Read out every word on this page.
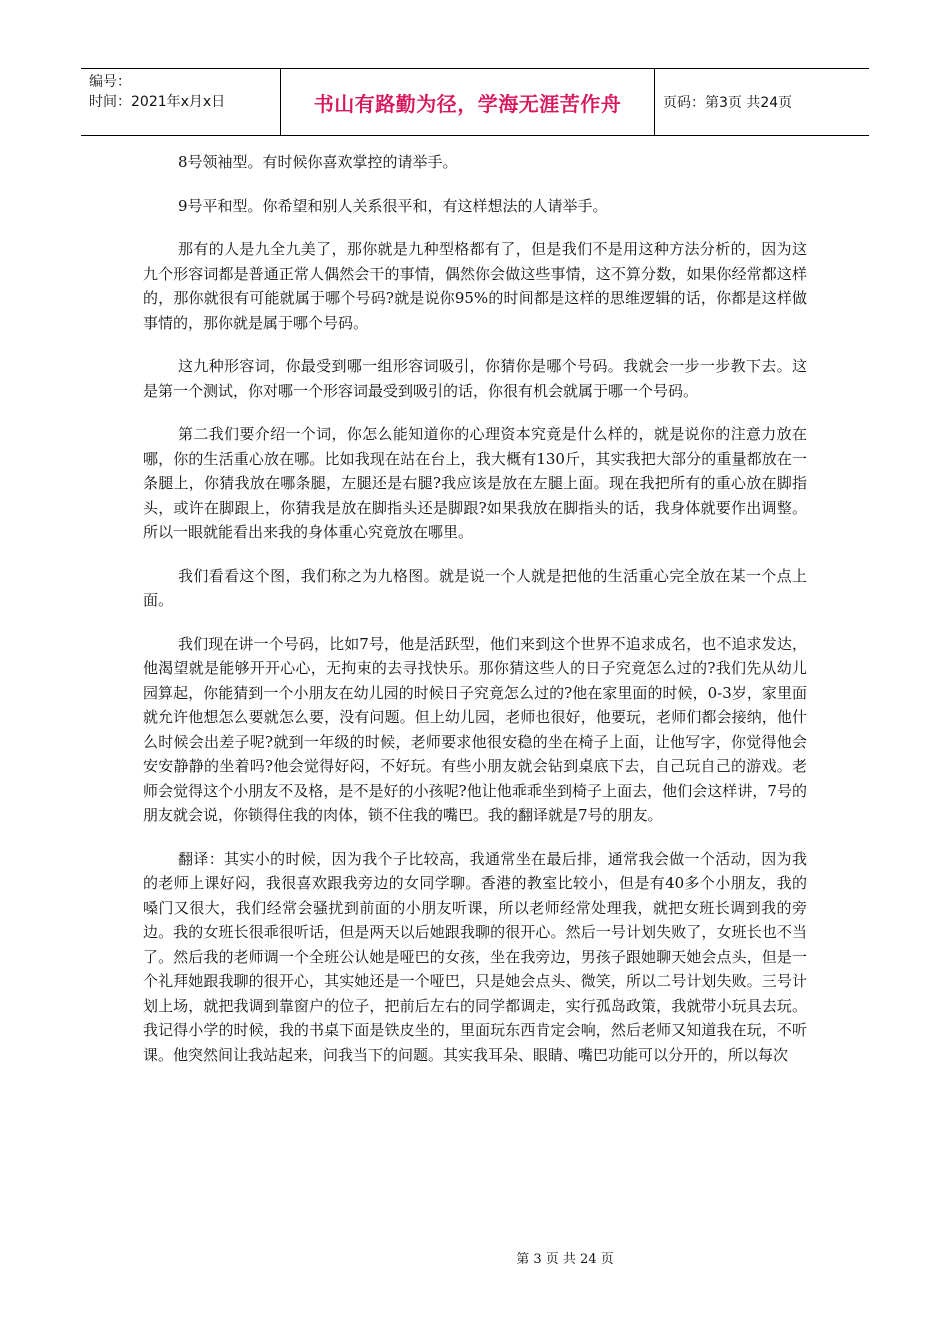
编号：
时间：2021年x月x日	书山有路勤为径，学海无涯苦作舟	页码：第3页 共24页

8号领袖型。有时候你喜欢掌控的请举手。

9号平和型。你希望和别人关系很平和，有这样想法的人请举手。

那有的人是九全九美了，那你就是九种型格都有了，但是我们不是用这种方法分析的，因为这九个形容词都是普通正常人偶然会干的事情，偶然你会做这些事情，这不算分数，如果你经常都这样的，那你就很有可能就属于哪个号码?就是说你95%的时间都是这样的思维逻辑的话，你都是这样做事情的，那你就是属于哪个号码。

这九种形容词，你最受到哪一组形容词吸引，你猜你是哪个号码。我就会一步一步教下去。这是第一个测试，你对哪一个形容词最受到吸引的话，你很有机会就属于哪一个号码。

第二我们要介绍一个词，你怎么能知道你的心理资本究竟是什么样的，就是说你的注意力放在哪，你的生活重心放在哪。比如我现在站在台上，我大概有130斤，其实我把大部分的重量都放在一条腿上，你猜我放在哪条腿，左腿还是右腿?我应该是放在左腿上面。现在我把所有的重心放在脚指头，或许在脚跟上，你猜我是放在脚指头还是脚跟?如果我放在脚指头的话，我身体就要作出调整。所以一眼就能看出来我的身体重心究竟放在哪里。

我们看看这个图，我们称之为九格图。就是说一个人就是把他的生活重心完全放在某一个点上面。

我们现在讲一个号码，比如7号，他是活跃型，他们来到这个世界不追求成名，也不追求发达，他渴望就是能够开开心心，无拘束的去寻找快乐。那你猜这些人的日子究竟怎么过的?我们先从幼儿园算起，你能猜到一个小朋友在幼儿园的时候日子究竟怎么过的?他在家里面的时候，0-3岁，家里面就允许他想怎么要就怎么要，没有问题。但上幼儿园，老师也很好，他要玩，老师们都会接纳，他什么时候会出差子呢?就到一年级的时候，老师要求他很安稳的坐在椅子上面，让他写字，你觉得他会安安静静的坐着吗?他会觉得好闷，不好玩。有些小朋友就会钻到桌底下去，自己玩自己的游戏。老师会觉得这个小朋友不及格，是不是好的小孩呢?他让他乖乖坐到椅子上面去，他们会这样讲，7号的朋友就会说，你锁得住我的肉体，锁不住我的嘴巴。我的翻译就是7号的朋友。

翻译：其实小的时候，因为我个子比较高，我通常坐在最后排，通常我会做一个活动，因为我的老师上课好闷，我很喜欢跟我旁边的女同学聊。香港的教室比较小，但是有40多个小朋友，我的嗓门又很大，我们经常会骚扰到前面的小朋友听课，所以老师经常处理我，就把女班长调到我的旁边。我的女班长很乖很听话，但是两天以后她跟我聊的很开心。然后一号计划失败了，女班长也不当了。然后我的老师调一个全班公认她是哑巴的女孩，坐在我旁边，男孩子跟她聊天她会点头，但是一个礼拜她跟我聊的很开心，其实她还是一个哑巴，只是她会点头、微笑，所以二号计划失败。三号计划上场，就把我调到靠窗户的位子，把前后左右的同学都调走，实行孤岛政策，我就带小玩具去玩。我记得小学的时候，我的书桌下面是铁皮坐的，里面玩东西肯定会响，然后老师又知道我在玩，不听课。他突然间让我站起来，问我当下的问题。其实我耳朵、眼睛、嘴巴功能可以分开的，所以每次

第 3 页 共 24 页
